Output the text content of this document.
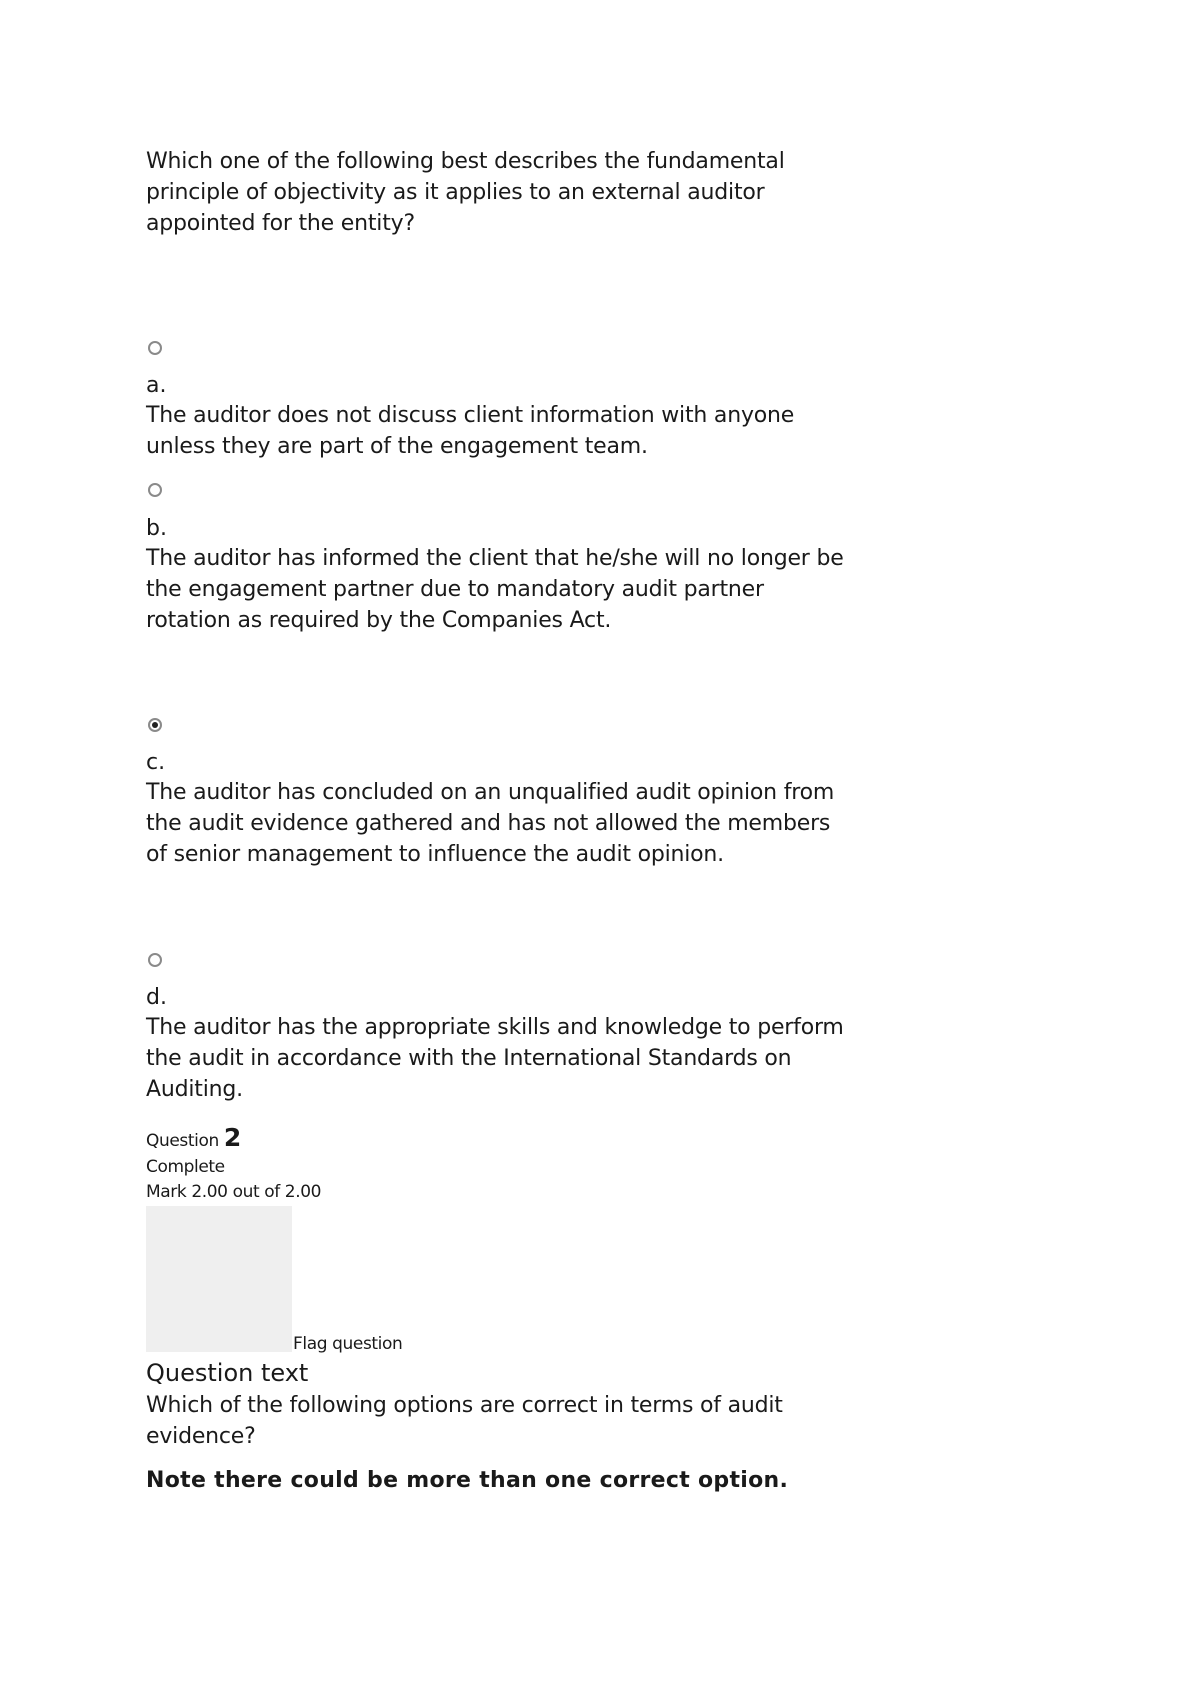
Which one of the following best describes the fundamental principle of objectivity as it applies to an external auditor appointed for the entity?
a.
The auditor does not discuss client information with anyone unless they are part of the engagement team.
b.
The auditor has informed the client that he/she will no longer be the engagement partner due to mandatory audit partner rotation as required by the Companies Act.
c.
The auditor has concluded on an unqualified audit opinion from the audit evidence gathered and has not allowed the members of senior management to influence the audit opinion.
d.
The auditor has the appropriate skills and knowledge to perform the audit in accordance with the International Standards on Auditing.
Question 2
Complete
Mark 2.00 out of 2.00
Flag question
Question text
Which of the following options are correct in terms of audit evidence?
Note there could be more than one correct option.
